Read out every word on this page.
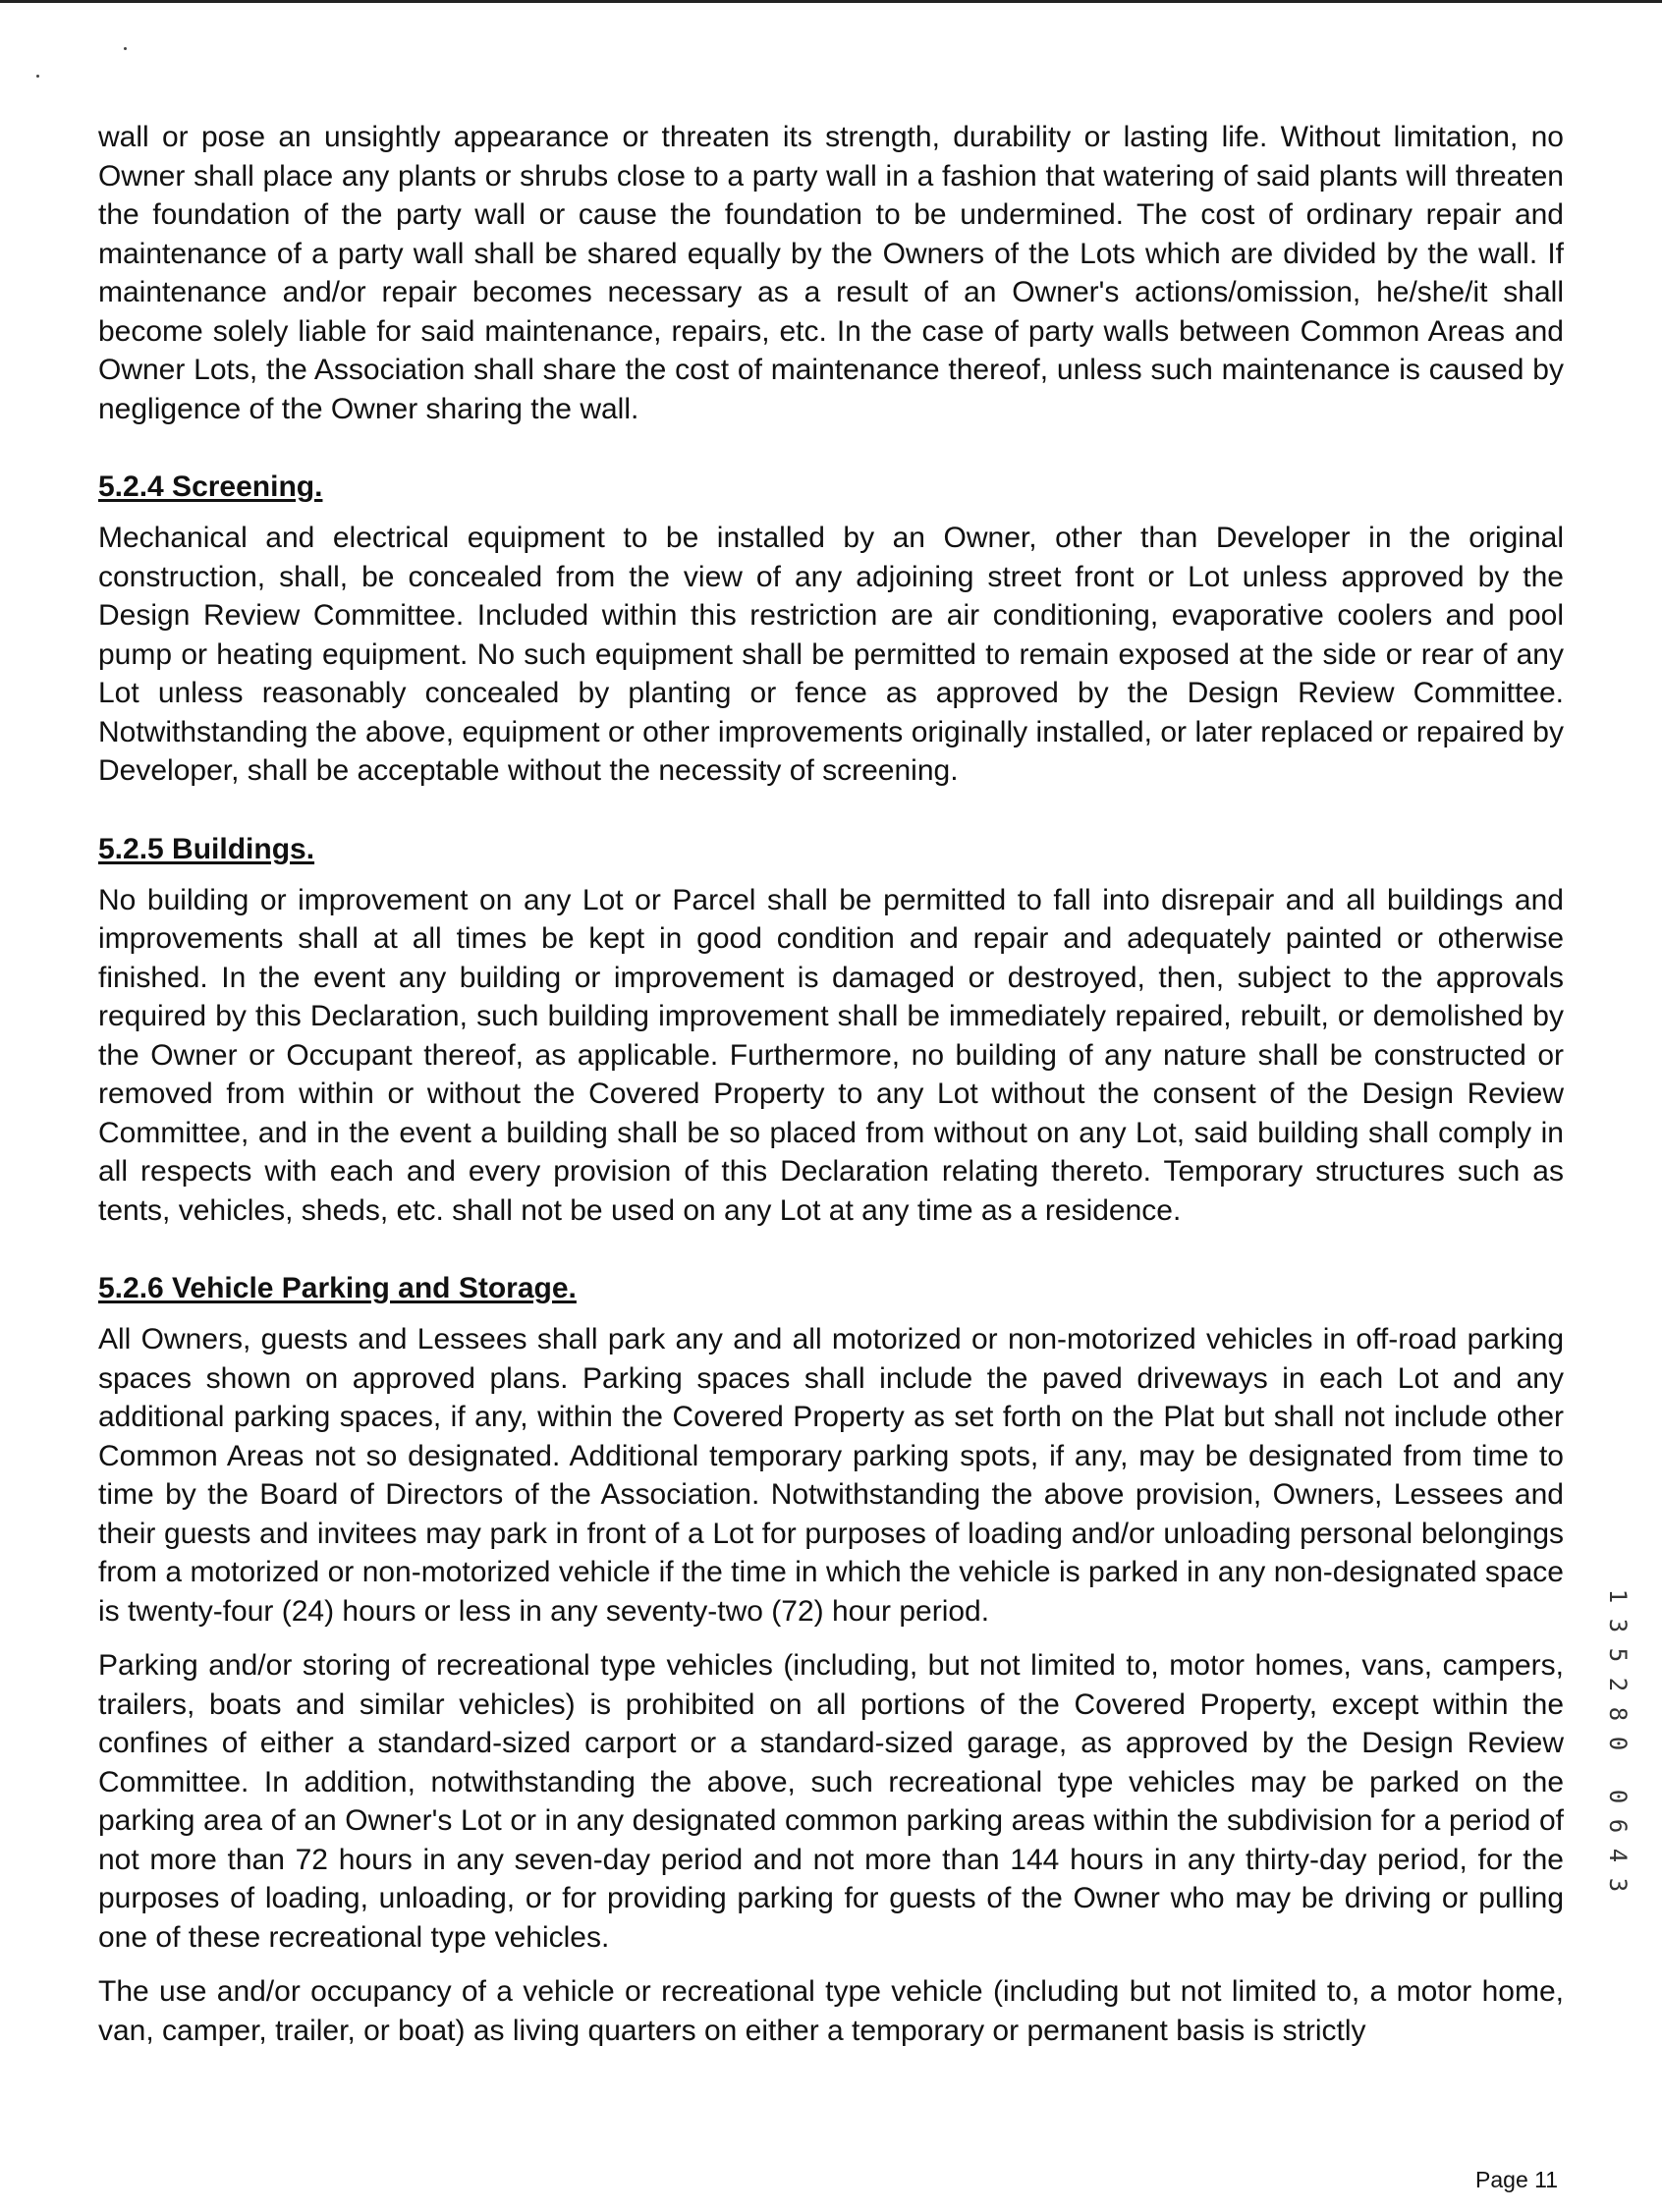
wall or pose an unsightly appearance or threaten its strength, durability or lasting life. Without limitation, no Owner shall place any plants or shrubs close to a party wall in a fashion that watering of said plants will threaten the foundation of the party wall or cause the foundation to be undermined. The cost of ordinary repair and maintenance of a party wall shall be shared equally by the Owners of the Lots which are divided by the wall. If maintenance and/or repair becomes necessary as a result of an Owner's actions/omission, he/she/it shall become solely liable for said maintenance, repairs, etc. In the case of party walls between Common Areas and Owner Lots, the Association shall share the cost of maintenance thereof, unless such maintenance is caused by negligence of the Owner sharing the wall.

5.2.4 Screening.

Mechanical and electrical equipment to be installed by an Owner, other than Developer in the original construction, shall, be concealed from the view of any adjoining street front or Lot unless approved by the Design Review Committee. Included within this restriction are air conditioning, evaporative coolers and pool pump or heating equipment. No such equipment shall be permitted to remain exposed at the side or rear of any Lot unless reasonably concealed by planting or fence as approved by the Design Review Committee. Notwithstanding the above, equipment or other improvements originally installed, or later replaced or repaired by Developer, shall be acceptable without the necessity of screening.

5.2.5 Buildings.

No building or improvement on any Lot or Parcel shall be permitted to fall into disrepair and all buildings and improvements shall at all times be kept in good condition and repair and adequately painted or otherwise finished. In the event any building or improvement is damaged or destroyed, then, subject to the approvals required by this Declaration, such building improvement shall be immediately repaired, rebuilt, or demolished by the Owner or Occupant thereof, as applicable. Furthermore, no building of any nature shall be constructed or removed from within or without the Covered Property to any Lot without the consent of the Design Review Committee, and in the event a building shall be so placed from without on any Lot, said building shall comply in all respects with each and every provision of this Declaration relating thereto. Temporary structures such as tents, vehicles, sheds, etc. shall not be used on any Lot at any time as a residence.

5.2.6 Vehicle Parking and Storage.

All Owners, guests and Lessees shall park any and all motorized or non-motorized vehicles in off-road parking spaces shown on approved plans. Parking spaces shall include the paved driveways in each Lot and any additional parking spaces, if any, within the Covered Property as set forth on the Plat but shall not include other Common Areas not so designated. Additional temporary parking spots, if any, may be designated from time to time by the Board of Directors of the Association. Notwithstanding the above provision, Owners, Lessees and their guests and invitees may park in front of a Lot for purposes of loading and/or unloading personal belongings from a motorized or non-motorized vehicle if the time in which the vehicle is parked in any non-designated space is twenty-four (24) hours or less in any seventy-two (72) hour period.

Parking and/or storing of recreational type vehicles (including, but not limited to, motor homes, vans, campers, trailers, boats and similar vehicles) is prohibited on all portions of the Covered Property, except within the confines of either a standard-sized carport or a standard-sized garage, as approved by the Design Review Committee. In addition, notwithstanding the above, such recreational type vehicles may be parked on the parking area of an Owner's Lot or in any designated common parking areas within the subdivision for a period of not more than 72 hours in any seven-day period and not more than 144 hours in any thirty-day period, for the purposes of loading, unloading, or for providing parking for guests of the Owner who may be driving or pulling one of these recreational type vehicles.

The use and/or occupancy of a vehicle or recreational type vehicle (including but not limited to, a motor home, van, camper, trailer, or boat) as living quarters on either a temporary or permanent basis is strictly

1
3
5
2
8
0
0
6
4
3
Page 11
